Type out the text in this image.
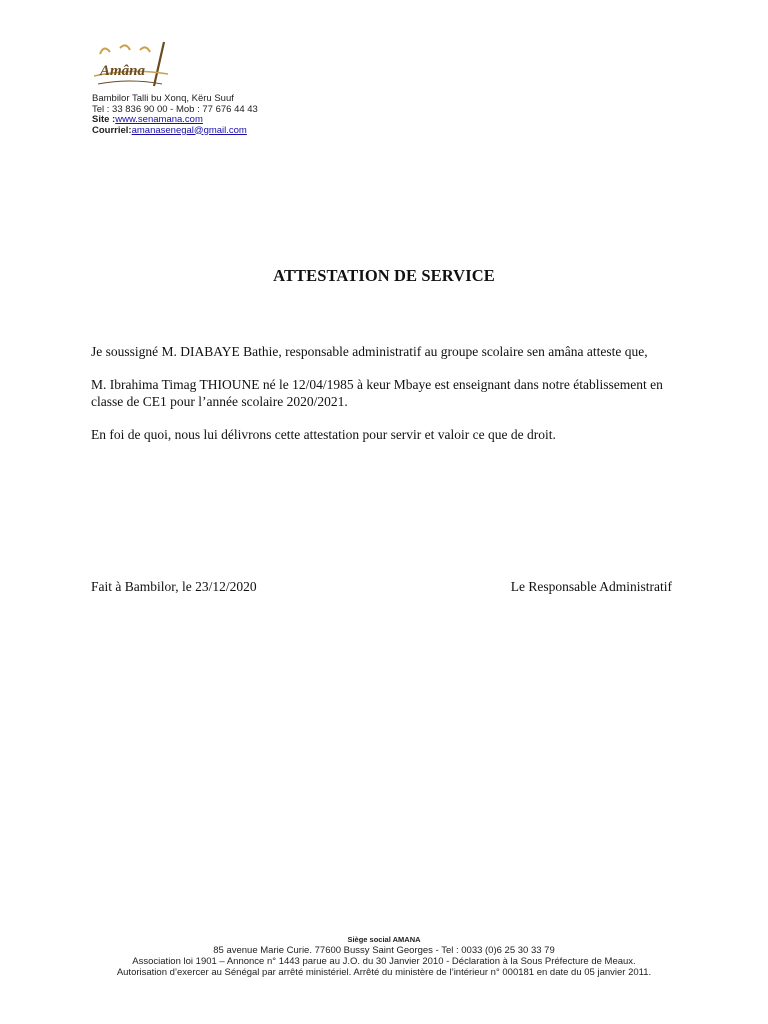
Amâna
Bambilor Talli bu Xonq, Këru Suuf
Tel : 33 836 90 00 - Mob : 77 676 44 43
Site :www.senamana.com
Courriel:amanasenegal@gmail.com
ATTESTATION DE SERVICE

Je soussigné M. DIABAYE Bathie, responsable administratif au groupe scolaire sen amâna atteste que,

M. Ibrahima Timag THIOUNE né le 12/04/1985 à keur Mbaye est enseignant dans notre établissement en classe de CE1 pour l’année scolaire 2020/2021.

En foi de quoi, nous lui délivrons cette attestation pour servir et valoir ce que de droit.

Fait à Bambilor, le 23/12/2020	Le Responsable Administratif
Siège social AMANA
85 avenue Marie Curie. 77600 Bussy Saint Georges - Tel : 0033 (0)6 25 30 33 79
Association loi 1901 – Annonce n° 1443 parue au J.O. du 30 Janvier 2010 - Déclaration à la Sous Préfecture de Meaux.
Autorisation d’exercer au Sénégal par arrêté ministériel. Arrêté du ministère de l’intérieur n° 000181 en date du 05 janvier 2011.
